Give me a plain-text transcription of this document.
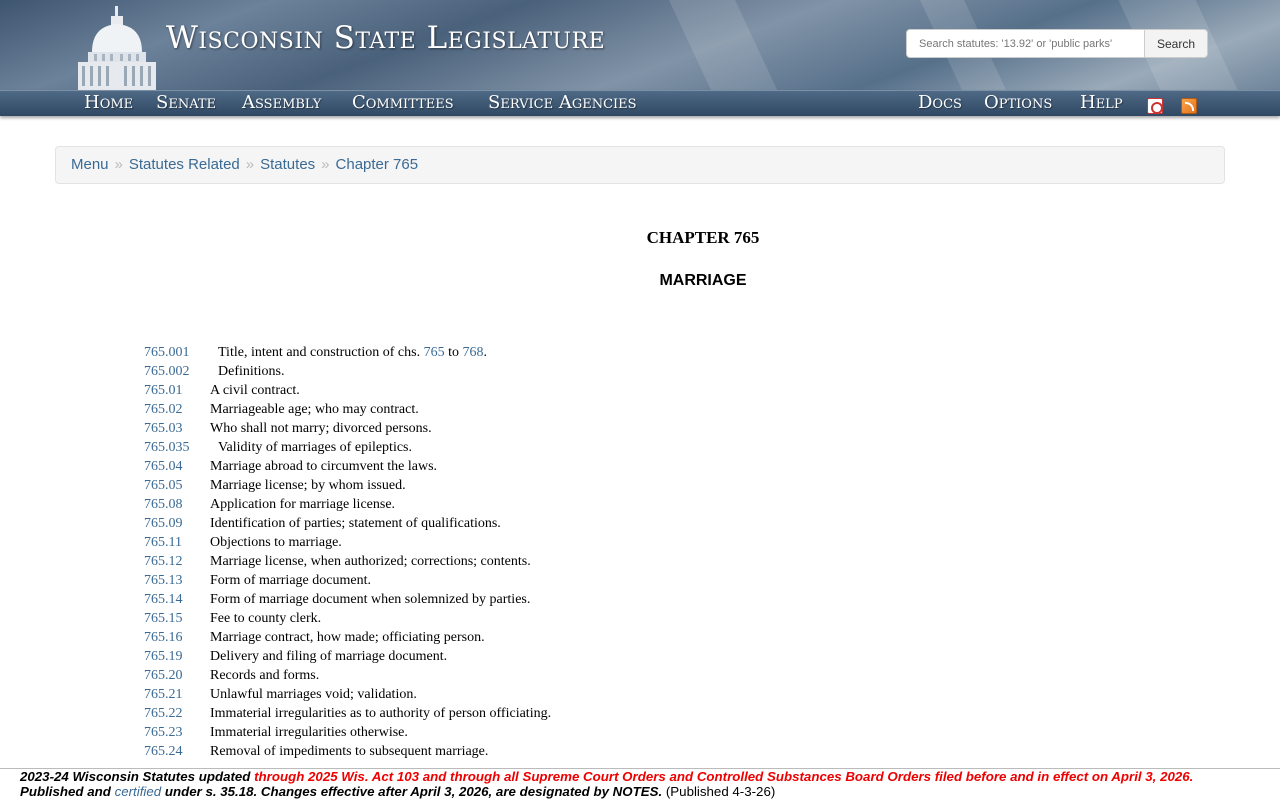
Wisconsin State Legislature
Search statutes: '13.92' or 'public parks'	Search
Home Senate Assembly Committees Service Agencies	Docs Options Help
Menu » Statutes Related » Statutes » Chapter 765
CHAPTER 765
MARRIAGE
765.001 Title, intent and construction of chs. 765 to 768.
765.002 Definitions.
765.01 A civil contract.
765.02 Marriageable age; who may contract.
765.03 Who shall not marry; divorced persons.
765.035 Validity of marriages of epileptics.
765.04 Marriage abroad to circumvent the laws.
765.05 Marriage license; by whom issued.
765.08 Application for marriage license.
765.09 Identification of parties; statement of qualifications.
765.11 Objections to marriage.
765.12 Marriage license, when authorized; corrections; contents.
765.13 Form of marriage document.
765.14 Form of marriage document when solemnized by parties.
765.15 Fee to county clerk.
765.16 Marriage contract, how made; officiating person.
765.19 Delivery and filing of marriage document.
765.20 Records and forms.
765.21 Unlawful marriages void; validation.
765.22 Immaterial irregularities as to authority of person officiating.
765.23 Immaterial irregularities otherwise.
765.24 Removal of impediments to subsequent marriage.
2023-24 Wisconsin Statutes updated through 2025 Wis. Act 103 and through all Supreme Court Orders and Controlled Substances Board Orders filed before and in effect on April 3, 2026.
Published and certified under s. 35.18. Changes effective after April 3, 2026, are designated by NOTES. (Published 4-3-26)
